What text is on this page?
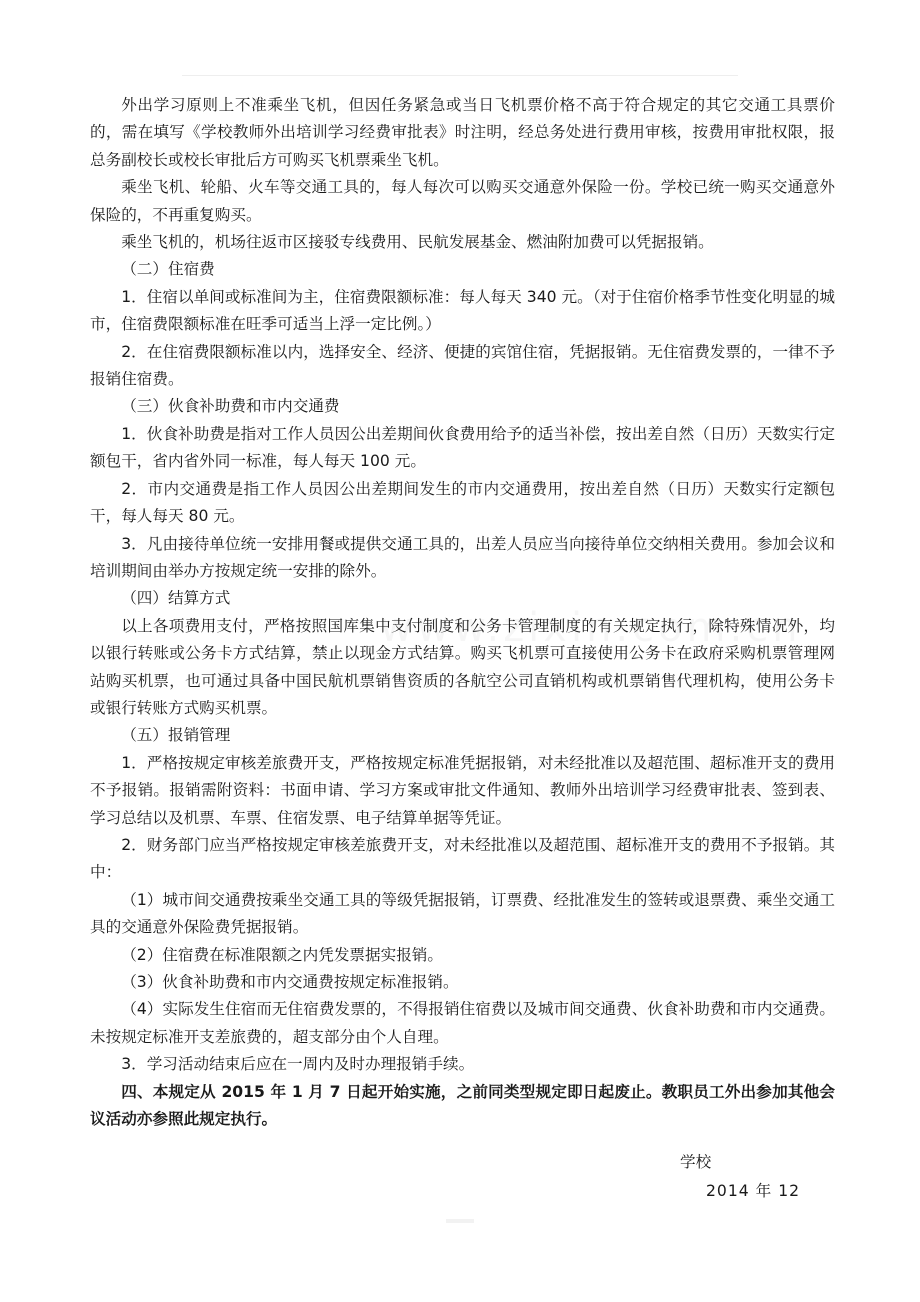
外出学习原则上不准乘坐飞机，但因任务紧急或当日飞机票价格不高于符合规定的其它交通工具票价的，需在填写《学校教师外出培训学习经费审批表》时注明，经总务处进行费用审核，按费用审批权限，报总务副校长或校长审批后方可购买飞机票乘坐飞机。

乘坐飞机、轮船、火车等交通工具的，每人每次可以购买交通意外保险一份。学校已统一购买交通意外保险的，不再重复购买。

乘坐飞机的，机场往返市区接驳专线费用、民航发展基金、燃油附加费可以凭据报销。

（二）住宿费

1．住宿以单间或标准间为主，住宿费限额标准：每人每天 340 元。（对于住宿价格季节性变化明显的城市，住宿费限额标准在旺季可适当上浮一定比例。）

2．在住宿费限额标准以内，选择安全、经济、便捷的宾馆住宿，凭据报销。无住宿费发票的，一律不予报销住宿费。

（三）伙食补助费和市内交通费

1．伙食补助费是指对工作人员因公出差期间伙食费用给予的适当补偿，按出差自然（日历）天数实行定额包干，省内省外同一标准，每人每天 100 元。

2．市内交通费是指工作人员因公出差期间发生的市内交通费用，按出差自然（日历）天数实行定额包干，每人每天 80 元。

3．凡由接待单位统一安排用餐或提供交通工具的，出差人员应当向接待单位交纳相关费用。参加会议和培训期间由举办方按规定统一安排的除外。

（四）结算方式

以上各项费用支付，严格按照国库集中支付制度和公务卡管理制度的有关规定执行，除特殊情况外，均以银行转账或公务卡方式结算，禁止以现金方式结算。购买飞机票可直接使用公务卡在政府采购机票管理网站购买机票，也可通过具备中国民航机票销售资质的各航空公司直销机构或机票销售代理机构，使用公务卡或银行转账方式购买机票。

（五）报销管理

1．严格按规定审核差旅费开支，严格按规定标准凭据报销，对未经批准以及超范围、超标准开支的费用不予报销。报销需附资料：书面申请、学习方案或审批文件通知、教师外出培训学习经费审批表、签到表、学习总结以及机票、车票、住宿发票、电子结算单据等凭证。

2．财务部门应当严格按规定审核差旅费开支，对未经批准以及超范围、超标准开支的费用不予报销。其中：

（1）城市间交通费按乘坐交通工具的等级凭据报销，订票费、经批准发生的签转或退票费、乘坐交通工具的交通意外保险费凭据报销。

（2）住宿费在标准限额之内凭发票据实报销。

（3）伙食补助费和市内交通费按规定标准报销。

（4）实际发生住宿而无住宿费发票的，不得报销住宿费以及城市间交通费、伙食补助费和市内交通费。未按规定标准开支差旅费的，超支部分由个人自理。

3．学习活动结束后应在一周内及时办理报销手续。

四、本规定从 2015 年 1 月 7 日起开始实施，之前同类型规定即日起废止。教职员工外出参加其他会议活动亦参照此规定执行。

学校
2014 年 12
